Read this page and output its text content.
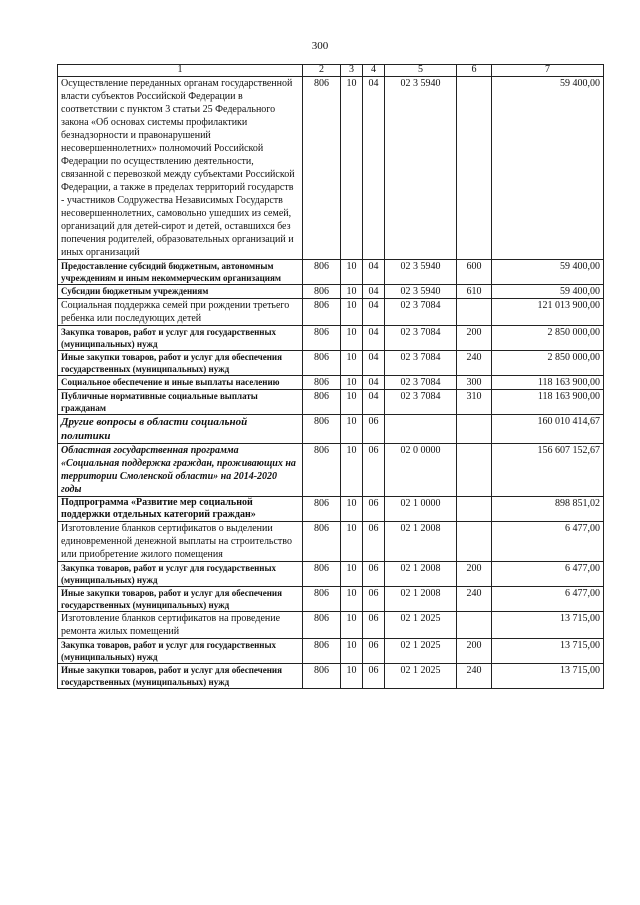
300
1	2	3	4	5	6	7
Осуществление переданных органам государственной власти субъектов Российской Федерации в соответствии с пунктом 3 статьи 25 Федерального закона «Об основах системы профилактики безнадзорности и правонарушений несовершеннолетних» полномочий Российской Федерации по осуществлению деятельности, связанной с перевозкой между субъектами Российской Федерации, а также в пределах территорий государств - участников Содружества Независимых Государств несовершеннолетних, самовольно ушедших из семей, организаций для детей-сирот и детей, оставшихся без попечения родителей, образовательных организаций и иных организаций	806	10	04	02 3 5940		59 400,00
Предоставление субсидий бюджетным, автономным учреждениям и иным некоммерческим организациям	806	10	04	02 3 5940	600	59 400,00
Субсидии бюджетным учреждениям	806	10	04	02 3 5940	610	59 400,00
Социальная поддержка семей при рождении третьего ребенка или последующих детей	806	10	04	02 3 7084		121 013 900,00
Закупка товаров, работ и услуг для государственных (муниципальных) нужд	806	10	04	02 3 7084	200	2 850 000,00
Иные закупки товаров, работ и услуг для обеспечения государственных (муниципальных) нужд	806	10	04	02 3 7084	240	2 850 000,00
Социальное обеспечение и иные выплаты населению	806	10	04	02 3 7084	300	118 163 900,00
Публичные нормативные социальные выплаты гражданам	806	10	04	02 3 7084	310	118 163 900,00
Другие вопросы в области социальной политики	806	10	06			160 010 414,67
Областная государственная программа «Социальная поддержка граждан, проживающих на территории Смоленской области» на 2014-2020 годы	806	10	06	02 0 0000		156 607 152,67
Подпрограмма «Развитие мер социальной поддержки отдельных категорий граждан»	806	10	06	02 1 0000		898 851,02
Изготовление бланков сертификатов о выделении единовременной денежной выплаты на строительство или приобретение жилого помещения	806	10	06	02 1 2008		6 477,00
Закупка товаров, работ и услуг для государственных (муниципальных) нужд	806	10	06	02 1 2008	200	6 477,00
Иные закупки товаров, работ и услуг для обеспечения государственных (муниципальных) нужд	806	10	06	02 1 2008	240	6 477,00
Изготовление бланков сертификатов на проведение ремонта жилых помещений	806	10	06	02 1 2025		13 715,00
Закупка товаров, работ и услуг для государственных (муниципальных) нужд	806	10	06	02 1 2025	200	13 715,00
Иные закупки товаров, работ и услуг для обеспечения государственных (муниципальных) нужд	806	10	06	02 1 2025	240	13 715,00
